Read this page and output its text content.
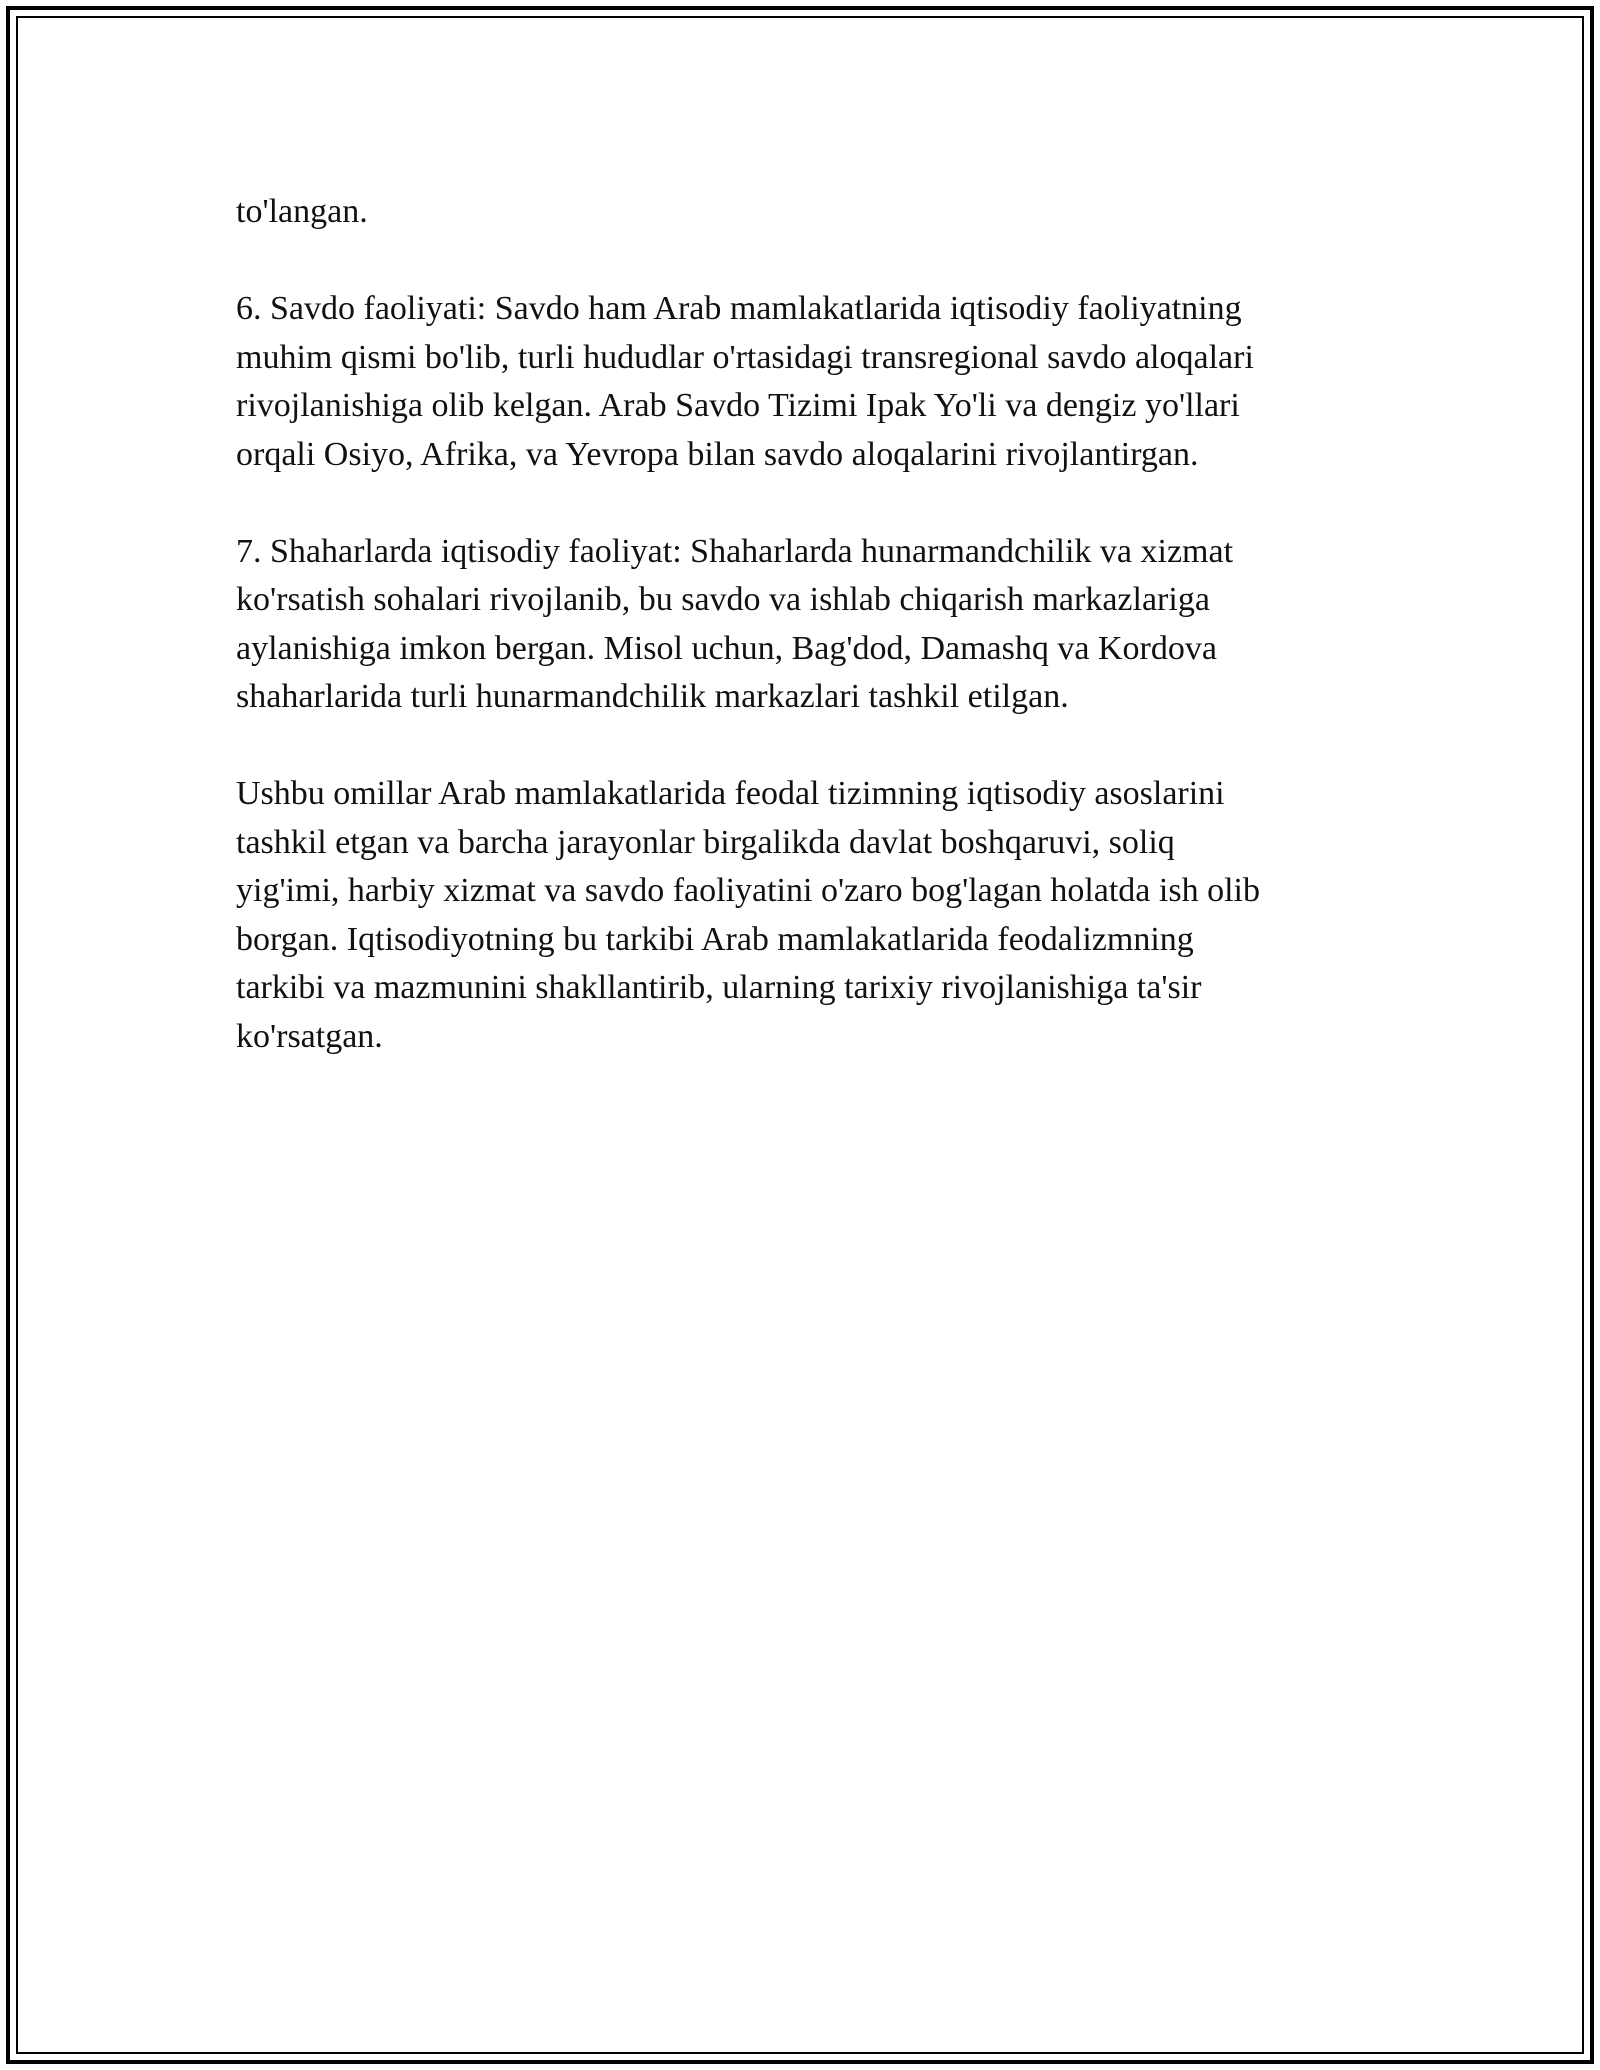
to'langan.

6. Savdo faoliyati: Savdo ham Arab mamlakatlarida iqtisodiy faoliyatning
muhim qismi bo'lib, turli hududlar o'rtasidagi transregional savdo aloqalari
rivojlanishiga olib kelgan. Arab Savdo Tizimi Ipak Yo'li va dengiz yo'llari
orqali Osiyo, Afrika, va Yevropa bilan savdo aloqalarini rivojlantirgan.

7. Shaharlarda iqtisodiy faoliyat: Shaharlarda hunarmandchilik va xizmat
ko'rsatish sohalari rivojlanib, bu savdo va ishlab chiqarish markazlariga
aylanishiga imkon bergan. Misol uchun, Bag'dod, Damashq va Kordova
shaharlarida turli hunarmandchilik markazlari tashkil etilgan.

Ushbu omillar Arab mamlakatlarida feodal tizimning iqtisodiy asoslarini
tashkil etgan va barcha jarayonlar birgalikda davlat boshqaruvi, soliq
yig'imi, harbiy xizmat va savdo faoliyatini o'zaro bog'lagan holatda ish olib
borgan. Iqtisodiyotning bu tarkibi Arab mamlakatlarida feodalizmning
tarkibi va mazmunini shakllantirib, ularning tarixiy rivojlanishiga ta'sir
ko'rsatgan.
